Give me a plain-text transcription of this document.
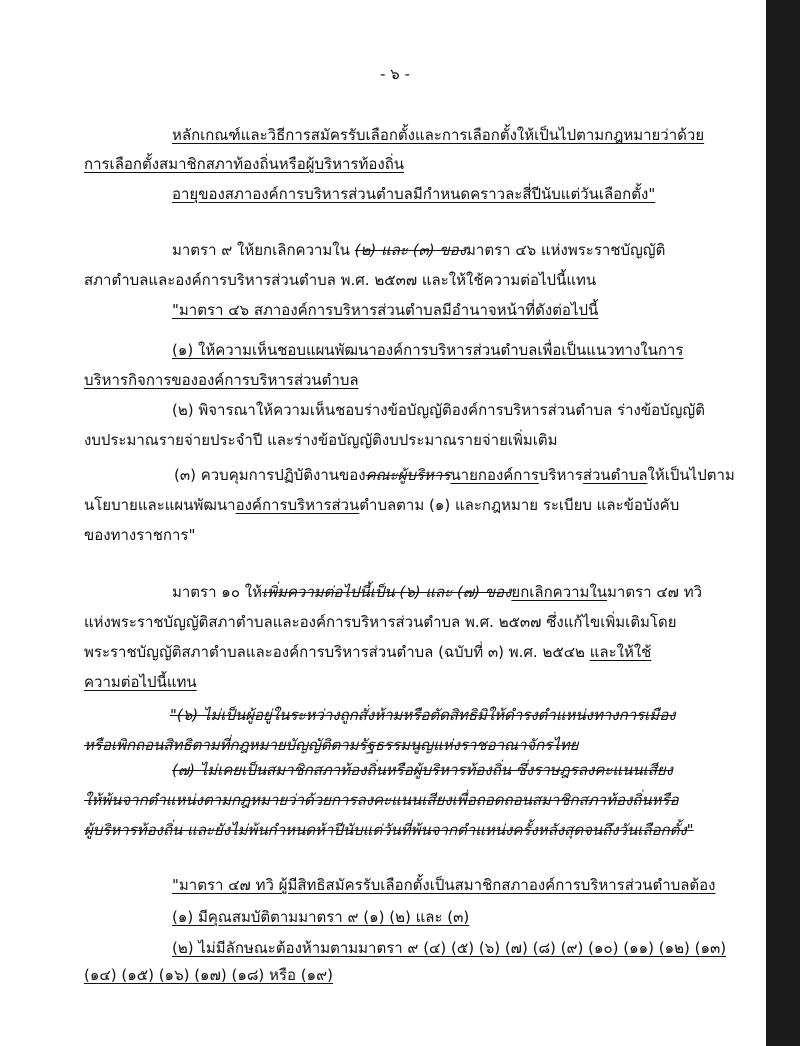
- ๖ -
หลักเกณฑ์และวิธีการสมัครรับเลือกตั้งและการเลือกตั้งให้เป็นไปตามกฎหมายว่าด้วย
การเลือกตั้งสมาชิกสภาท้องถิ่นหรือผู้บริหารท้องถิ่น
อายุของสภาองค์การบริหารส่วนตำบลมีกำหนดคราวละสี่ปีนับแต่วันเลือกตั้ง"
มาตรา ๙ ให้ยกเลิกความใน (๒) และ (๓) ของมาตรา ๔๖ แห่งพระราชบัญญัติ
สภาตำบลและองค์การบริหารส่วนตำบล พ.ศ. ๒๕๓๗ และให้ใช้ความต่อไปนี้แทน
"มาตรา ๔๖ สภาองค์การบริหารส่วนตำบลมีอำนาจหน้าที่ดังต่อไปนี้
(๑) ให้ความเห็นชอบแผนพัฒนาองค์การบริหารส่วนตำบลเพื่อเป็นแนวทางในการ
บริหารกิจการขององค์การบริหารส่วนตำบล
(๒) พิจารณาให้ความเห็นชอบร่างข้อบัญญัติองค์การบริหารส่วนตำบล ร่างข้อบัญญัติ
งบประมาณรายจ่ายประจำปี และร่างข้อบัญญัติงบประมาณรายจ่ายเพิ่มเติม
(๓) ควบคุมการปฏิบัติงานของคณะผู้บริหารนายกองค์การบริหารส่วนตำบลให้เป็นไปตาม
นโยบายและแผนพัฒนาองค์การบริหารส่วนตำบลตาม (๑) และกฎหมาย ระเบียบ และข้อบังคับ
ของทางราชการ"
มาตรา ๑๐ ให้เพิ่มความต่อไปนี้เป็น (๖) และ (๗) ของยกเลิกความในมาตรา ๔๗ ทวิ
แห่งพระราชบัญญัติสภาตำบลและองค์การบริหารส่วนตำบล พ.ศ. ๒๕๓๗ ซึ่งแก้ไขเพิ่มเติมโดย
พระราชบัญญัติสภาตำบลและองค์การบริหารส่วนตำบล (ฉบับที่ ๓) พ.ศ. ๒๕๔๒ และให้ใช้
ความต่อไปนี้แทน
"(๖) ไม่เป็นผู้อยู่ในระหว่างถูกสั่งห้ามหรือตัดสิทธิมิให้ดำรงตำแหน่งทางการเมือง
หรือเพิกถอนสิทธิตามที่กฎหมายบัญญัติตามรัฐธรรมนูญแห่งราชอาณาจักรไทย
(๗) ไม่เคยเป็นสมาชิกสภาท้องถิ่นหรือผู้บริหารท้องถิ่น ซึ่งราษฎรลงคะแนนเสียง
ให้พ้นจากตำแหน่งตามกฎหมายว่าด้วยการลงคะแนนเสียงเพื่อถอดถอนสมาชิกสภาท้องถิ่นหรือ
ผู้บริหารท้องถิ่น และยังไม่พ้นกำหนดห้าปีนับแต่วันที่พ้นจากตำแหน่งครั้งหลังสุดจนถึงวันเลือกตั้ง"
"มาตรา ๔๗ ทวิ ผู้มีสิทธิสมัครรับเลือกตั้งเป็นสมาชิกสภาองค์การบริหารส่วนตำบลต้อง
(๑) มีคุณสมบัติตามมาตรา ๙ (๑) (๒) และ (๓)
(๒) ไม่มีลักษณะต้องห้ามตามมาตรา ๙ (๔) (๕) (๖) (๗) (๘) (๙) (๑๐) (๑๑) (๑๒) (๑๓)
(๑๔) (๑๕) (๑๖) (๑๗) (๑๘) หรือ (๑๙)
